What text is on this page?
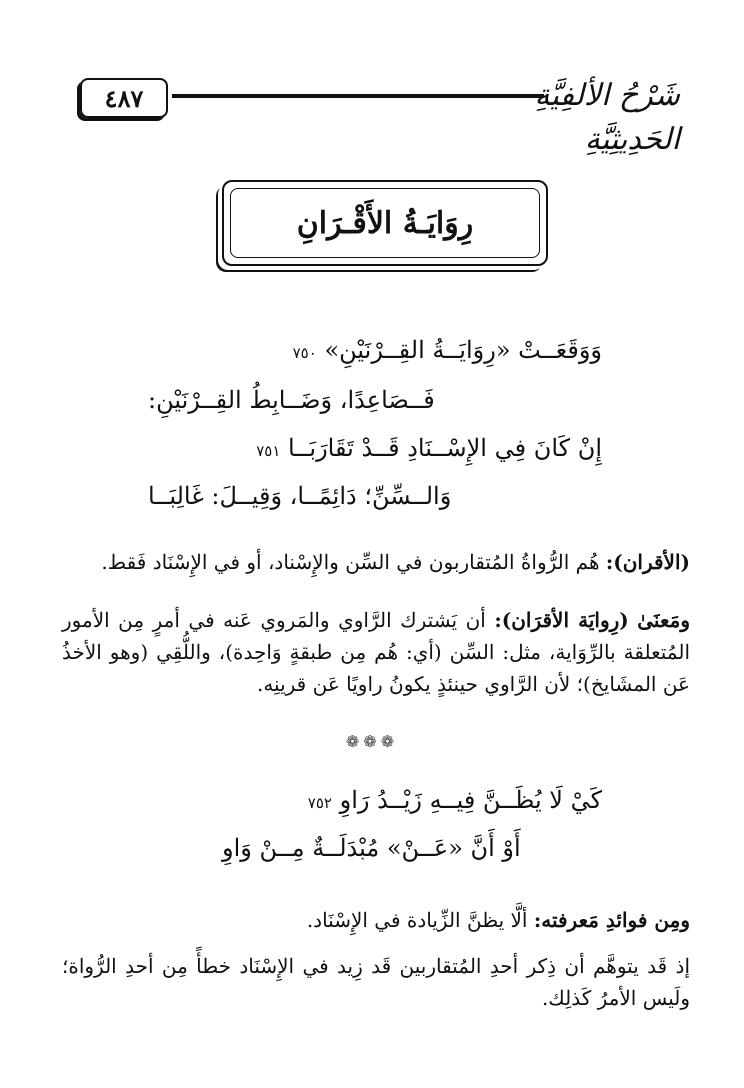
٤٨٧	شَرْحُ الألفِيَّةِ الحَدِيثِيَّةِ
رِوَايَـةُ الأَقْـرَانِ
وَوَقَعَــتْ «رِوَايَــةُ القِــرْنَيْنِ» ٧٥٠
فَــصَاعِدًا، وَضَــابِطُ القِــرْنَيْنِ:
إِنْ كَانَ فِي الإِسْــنَادِ قَــدْ تَقَارَبَــا ٧٥١
وَالــسِّنِّ؛ دَائِمًــا، وَقِيــلَ: غَالِبَــا
(الأقران): هُم الرُّواةُ المُتقاربون في السِّن والإِسْناد، أو في الإِسْنَاد فَقط.
ومَعنَىٰ (رِوايَة الأقرَان): أن يَشترك الرَّاوي والمَروي عَنه في أمرٍ مِن الأمور المُتعلقة بالرِّوَاية، مثل: السِّن (أي: هُم مِن طبقةٍ وَاحِدة)، واللُّقِي (وهو الأخذُ عَن المشَايخ)؛ لأن الرَّاوي حينئذٍ يكونُ راويًا عَن قرينِه.
❁❁❁
كَيْ لَا يُظَــنَّ فِيــهِ زَيْــدُ رَاوِ ٧٥٢
أَوْ أَنَّ «عَــنْ» مُبْدَلَــةٌ مِــنْ وَاوِ
ومِن فوائدِ مَعرفته: ألَّا يظنَّ الزِّيادة في الإِسْنَاد.
إذ قَد يتوهَّم أن ذِكر أحدِ المُتقاربين قَد زِيد في الإِسْنَاد خطأً مِن أحدِ الرُّواة؛ ولَيس الأمرُ كَذلِك.
